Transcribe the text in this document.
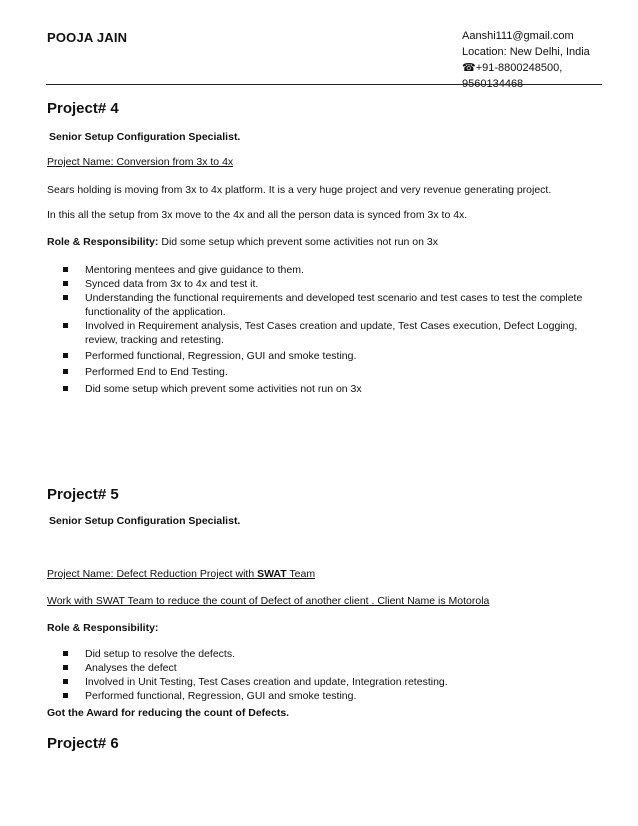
POOJA JAIN	Aanshi111@gmail.com
Location: New Delhi, India
☎+91-8800248500,
9560134468
Project# 4
Senior Setup Configuration Specialist.
Project Name: Conversion from 3x to 4x
Sears holding is moving from 3x to 4x platform. It is a very huge project and very revenue generating project.
In this all the setup from 3x move to the 4x and all the person data is synced from 3x to 4x.
Role & Responsibility: Did some setup which prevent some activities not run on 3x
Mentoring mentees and give guidance to them.
Synced data from 3x to 4x and test it.
Understanding the functional requirements and developed test scenario and test cases to test the complete functionality of the application.
Involved in Requirement analysis, Test Cases creation and update, Test Cases execution, Defect Logging, review, tracking and retesting.
Performed functional, Regression, GUI and smoke testing.
Performed End to End Testing.
Did some setup which prevent some activities not run on 3x
Project# 5
Senior Setup Configuration Specialist.
Project Name: Defect Reduction Project with SWAT Team
Work with SWAT Team to reduce the count of Defect of another client . Client Name is Motorola
Role & Responsibility:
Did setup to resolve the defects.
Analyses the defect
Involved in Unit Testing, Test Cases creation and update, Integration retesting.
Performed functional, Regression, GUI and smoke testing.
Got the Award for reducing the count of Defects.
Project# 6
